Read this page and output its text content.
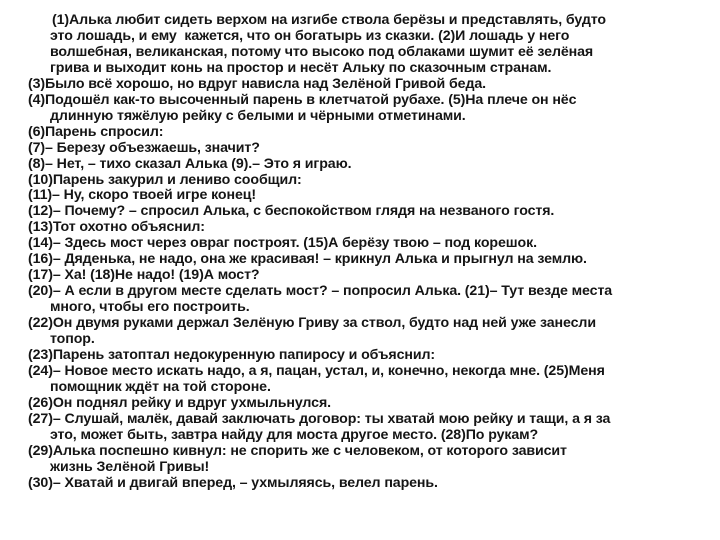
(1)Алька любит сидеть верхом на изгибе ствола берёзы и представлять, будто
это лошадь, и ему  кажется, что он богатырь из сказки. (2)И лошадь у него
волшебная, великанская, потому что высоко под облаками шумит её зелёная
грива и выходит конь на простор и несёт Альку по сказочным странам.
(3)Было всё хорошо, но вдруг нависла над Зелёной Гривой беда.
(4)Подошёл как-то высоченный парень в клетчатой рубахе. (5)На плече он нёс
длинную тяжёлую рейку с белыми и чёрными отметинами.
(6)Парень спросил:
(7)– Березу объезжаешь, значит?
(8)– Нет, – тихо сказал Алька (9).– Это я играю.
(10)Парень закурил и лениво сообщил:
(11)– Ну, скоро твоей игре конец!
(12)– Почему? – спросил Алька, с беспокойством глядя на незваного гостя.
(13)Тот охотно объяснил:
(14)– Здесь мост через овраг построят. (15)А берёзу твою – под корешок.
(16)– Дяденька, не надо, она же красивая! – крикнул Алька и прыгнул на землю.
(17)– Ха! (18)Не надо! (19)А мост?
(20)– А если в другом месте сделать мост? – попросил Алька. (21)– Тут везде места
много, чтобы его построить.
(22)Он двумя руками держал Зелёную Гриву за ствол, будто над ней уже занесли
топор.
(23)Парень затоптал недокуренную папиросу и объяснил:
(24)– Новое место искать надо, а я, пацан, устал, и, конечно, некогда мне. (25)Меня
помощник ждёт на той стороне.
(26)Он поднял рейку и вдруг ухмыльнулся.
(27)– Слушай, малёк, давай заключать договор: ты хватай мою рейку и тащи, а я за
это, может быть, завтра найду для моста другое место. (28)По рукам?
(29)Алька поспешно кивнул: не спорить же с человеком, от которого зависит
жизнь Зелёной Гривы!
(30)– Хватай и двигай вперед, – ухмыляясь, велел парень.
